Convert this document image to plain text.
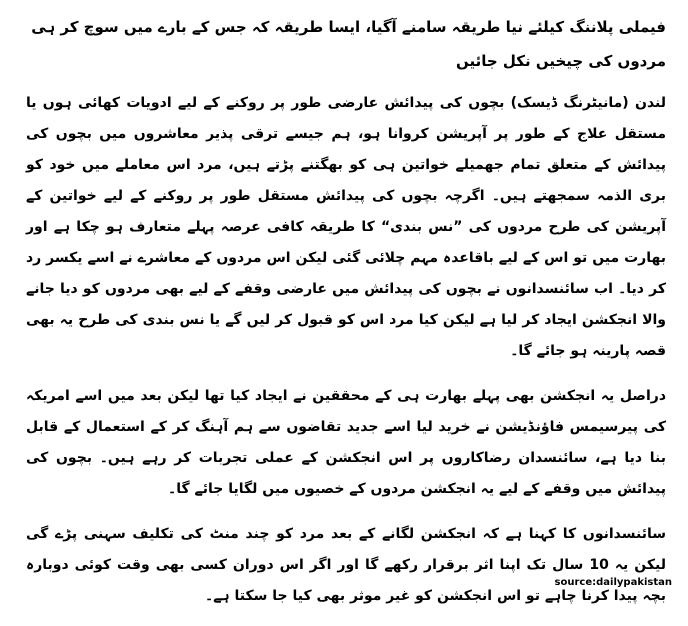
فیملی پلاننگ کیلئے نیا طریقہ سامنے آگیا، ایسا طریقہ کہ جس کے بارے میں سوچ کر ہی مردوں کی چیخیں نکل جائیں

لندن (مانیٹرنگ ڈیسک) بچوں کی پیدائش عارضی طور پر روکنے کے لیے ادویات کھائی ہوں یا مستقل علاج کے طور پر آپریشن کروانا ہو، ہم جیسے ترقی پذیر معاشروں میں بچوں کی پیدائش کے متعلق تمام جھمیلے خواتین ہی کو بھگتنے پڑتے ہیں، مرد اس معاملے میں خود کو بری الذمہ سمجھتے ہیں۔ اگرچہ بچوں کی پیدائش مستقل طور پر روکنے کے لیے خواتین کے آپریشن کی طرح مردوں کی ”نس بندی“ کا طریقہ کافی عرصہ پہلے متعارف ہو چکا ہے اور بھارت میں تو اس کے لیے باقاعدہ مہم چلائی گئی لیکن اس مردوں کے معاشرے نے اسے یکسر رد کر دیا۔ اب سائنسدانوں نے بچوں کی پیدائش میں عارضی وقفے کے لیے بھی مردوں کو دیا جانے والا انجکشن ایجاد کر لیا ہے لیکن کیا مرد اس کو قبول کر لیں گے یا نس بندی کی طرح یہ بھی قصہ پارینہ ہو جائے گا۔

دراصل یہ انجکشن بھی پہلے بھارت ہی کے محققین نے ایجاد کیا تھا لیکن بعد میں اسے امریکہ کی پیرسیمس فاؤنڈیشن نے خرید لیا اسے جدید تقاضوں سے ہم آہنگ کر کے استعمال کے قابل بنا دیا ہے، سائنسدان رضاکاروں پر اس انجکشن کے عملی تجربات کر رہے ہیں۔ بچوں کی پیدائش میں وقفے کے لیے یہ انجکشن مردوں کے خصیوں میں لگایا جائے گا۔

سائنسدانوں کا کہنا ہے کہ انجکشن لگانے کے بعد مرد کو چند منٹ کی تکلیف سہنی پڑے گی لیکن یہ 10 سال تک اپنا اثر برقرار رکھے گا اور اگر اس دوران کسی بھی وقت کوئی دوبارہ بچہ پیدا کرنا چاہے تو اس انجکشن کو غیر موثر بھی کیا جا سکتا ہے۔

source:dailypakistan
